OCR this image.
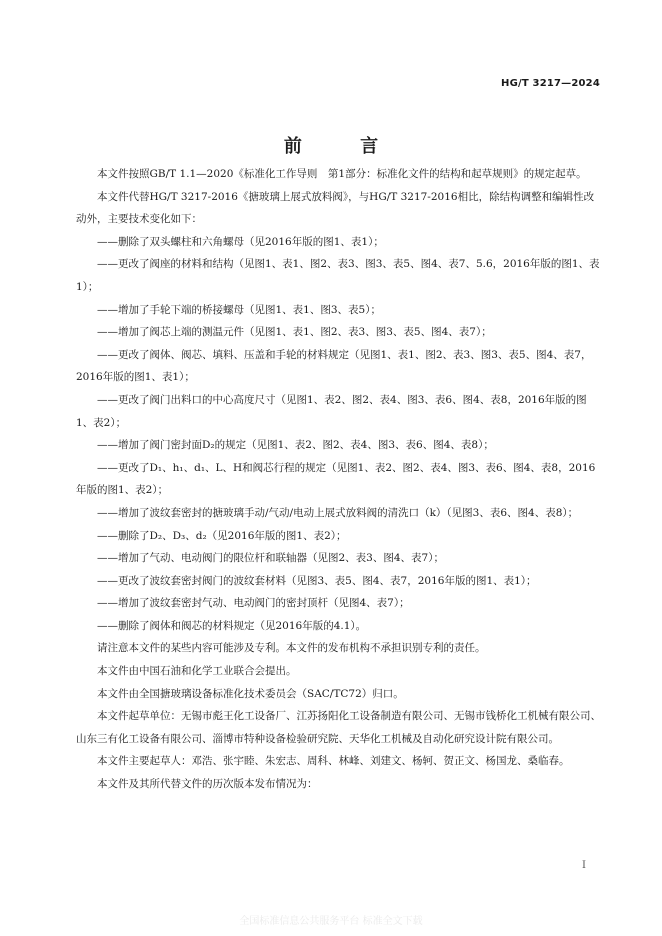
HG/T 3217—2024
前 言

本文件按照GB/T 1.1—2020《标准化工作导则　第1部分：标准化文件的结构和起草规则》的规定起草。

本文件代替HG/T 3217-2016《搪玻璃上展式放料阀》，与HG/T 3217-2016相比，除结构调整和编辑性改动外，主要技术变化如下：

——删除了双头螺柱和六角螺母（见2016年版的图1、表1）；

——更改了阀座的材料和结构（见图1、表1、图2、表3、图3、表5、图4、表7、5.6，2016年版的图1、表1）；

——增加了手轮下端的桥接螺母（见图1、表1、图3、表5）；

——增加了阀芯上端的测温元件（见图1、表1、图2、表3、图3、表5、图4、表7）；

——更改了阀体、阀芯、填料、压盖和手轮的材料规定（见图1、表1、图2、表3、图3、表5、图4、表7，2016年版的图1、表1）；

——更改了阀门出料口的中心高度尺寸（见图1、表2、图2、表4、图3、表6、图4、表8，2016年版的图1、表2）；

——增加了阀门密封面D₂的规定（见图1、表2、图2、表4、图3、表6、图4、表8）；

——更改了D₁、h₁、d₁、L、H和阀芯行程的规定（见图1、表2、图2、表4、图3、表6、图4、表8，2016年版的图1、表2）；

——增加了波纹套密封的搪玻璃手动/气动/电动上展式放料阀的清洗口（k）（见图3、表6、图4、表8）；

——删除了D₂、D₃、d₂（见2016年版的图1、表2）；

——增加了气动、电动阀门的限位杆和联轴器（见图2、表3、图4、表7）；

——更改了波纹套密封阀门的波纹套材料（见图3、表5、图4、表7，2016年版的图1、表1）；

——增加了波纹套密封气动、电动阀门的密封顶杆（见图4、表7）；

——删除了阀体和阀芯的材料规定（见2016年版的4.1）。

请注意本文件的某些内容可能涉及专利。本文件的发布机构不承担识别专利的责任。

本文件由中国石油和化学工业联合会提出。

本文件由全国搪玻璃设备标准化技术委员会（SAC/TC72）归口。

本文件起草单位：无锡市彪王化工设备厂、江苏扬阳化工设备制造有限公司、无锡市钱桥化工机械有限公司、山东三有化工设备有限公司、淄博市特种设备检验研究院、天华化工机械及自动化研究设计院有限公司。

本文件主要起草人：邓浩、张宇睦、朱宏志、周科、林峰、刘建文、杨轲、贺正文、杨国龙、桑临春。

本文件及其所代替文件的历次版本发布情况为：

I
全国标准信息公共服务平台 标准全文下载
